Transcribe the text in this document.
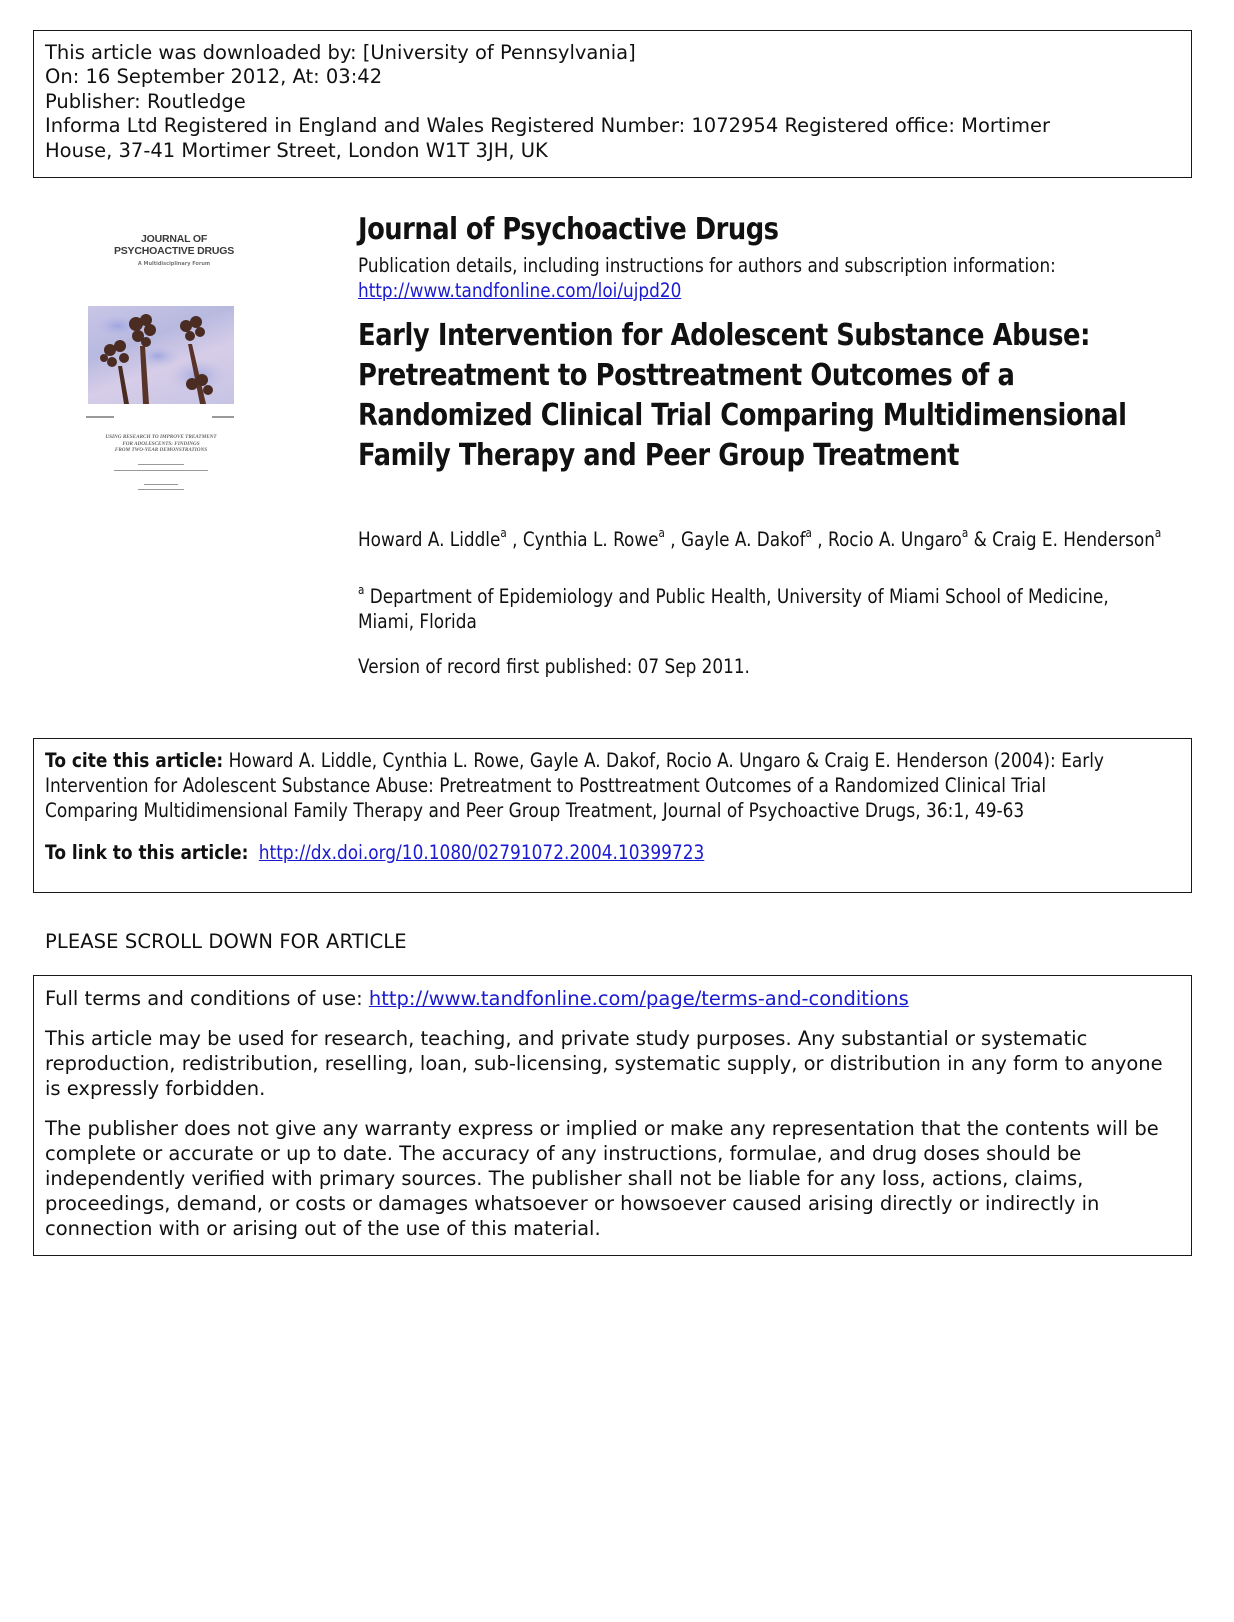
This article was downloaded by: [University of Pennsylvania]
On: 16 September 2012, At: 03:42
Publisher: Routledge
Informa Ltd Registered in England and Wales Registered Number: 1072954 Registered office: Mortimer
House, 37-41 Mortimer Street, London W1T 3JH, UK
JOURNAL OF
PSYCHOACTIVE DRUGS
A Multidisciplinary Forum
USING RESEARCH TO IMPROVE TREATMENT
FOR ADOLESCENTS: FINDINGS
FROM TWO-YEAR DEMONSTRATIONS
Journal of Psychoactive Drugs
Publication details, including instructions for authors and subscription information:
http://www.tandfonline.com/loi/ujpd20
Early Intervention for Adolescent Substance Abuse: Pretreatment to Posttreatment Outcomes of a Randomized Clinical Trial Comparing Multidimensional Family Therapy and Peer Group Treatment
Howard A. Liddle$^a$ , Cynthia L. Rowe$^a$ , Gayle A. Dakof$^a$ , Rocio A. Ungaro$^a$ & Craig E. Henderson$^a$
$^a$ Department of Epidemiology and Public Health, University of Miami School of Medicine, Miami, Florida
Version of record first published: 07 Sep 2011.
To cite this article: Howard A. Liddle, Cynthia L. Rowe, Gayle A. Dakof, Rocio A. Ungaro & Craig E. Henderson (2004): Early Intervention for Adolescent Substance Abuse: Pretreatment to Posttreatment Outcomes of a Randomized Clinical Trial Comparing Multidimensional Family Therapy and Peer Group Treatment, Journal of Psychoactive Drugs, 36:1, 49-63
To link to this article: http://dx.doi.org/10.1080/02791072.2004.10399723
PLEASE SCROLL DOWN FOR ARTICLE

Full terms and conditions of use: http://www.tandfonline.com/page/terms-and-conditions

This article may be used for research, teaching, and private study purposes. Any substantial or systematic reproduction, redistribution, reselling, loan, sub-licensing, systematic supply, or distribution in any form to anyone is expressly forbidden.

The publisher does not give any warranty express or implied or make any representation that the contents will be complete or accurate or up to date. The accuracy of any instructions, formulae, and drug doses should be independently verified with primary sources. The publisher shall not be liable for any loss, actions, claims, proceedings, demand, or costs or damages whatsoever or howsoever caused arising directly or indirectly in connection with or arising out of the use of this material.
